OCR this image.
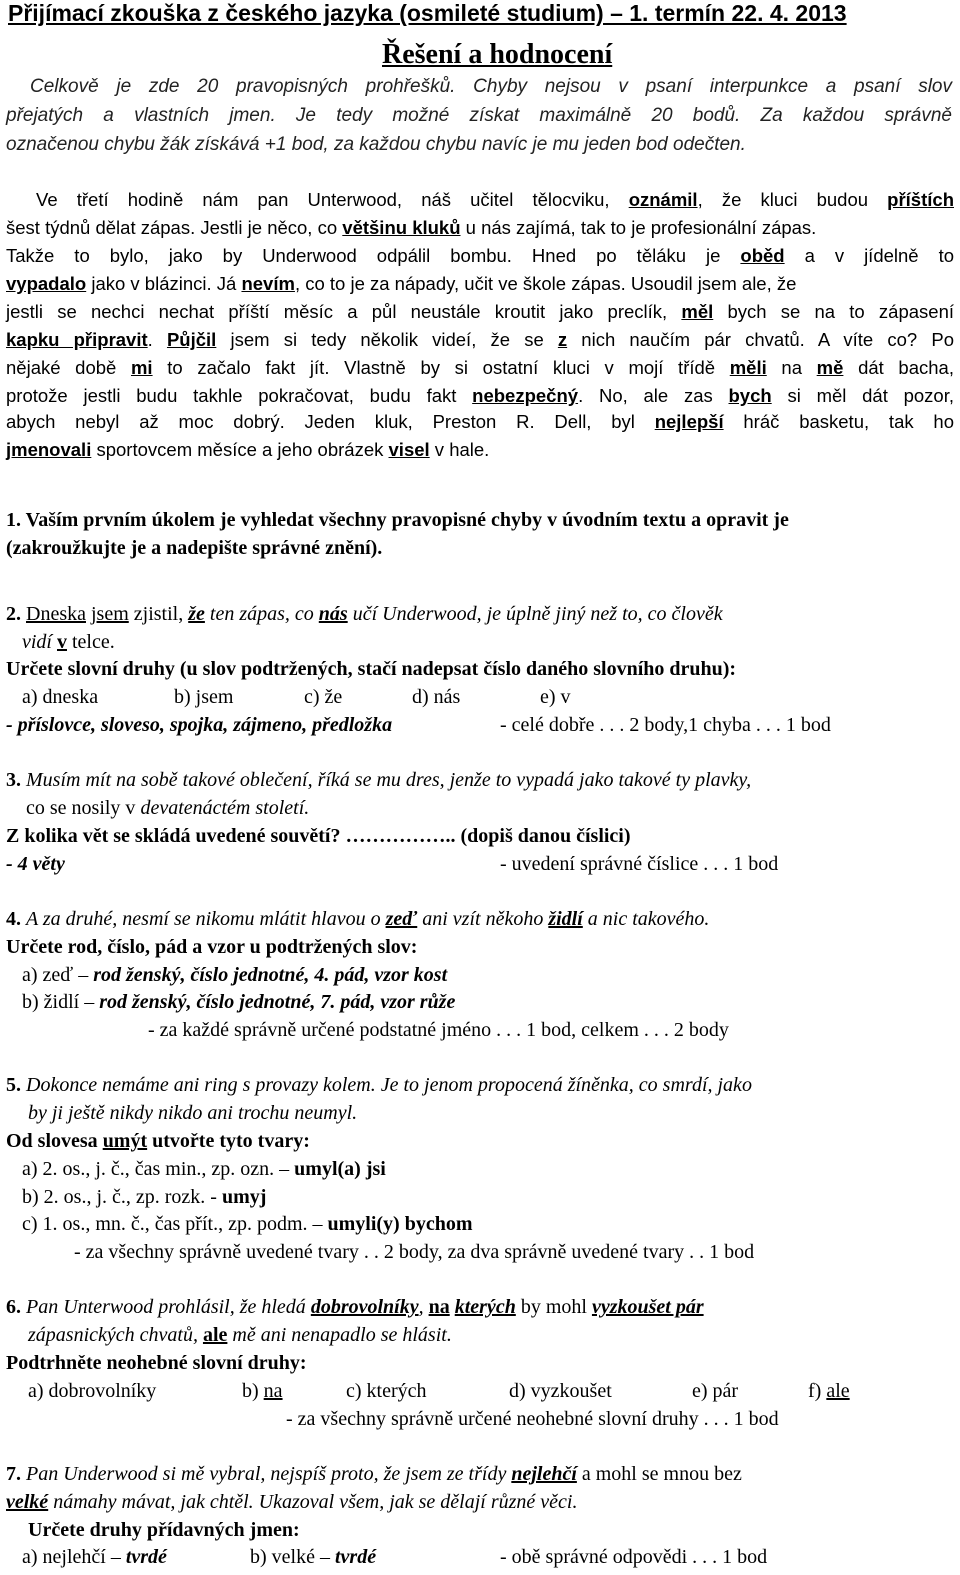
Přijímací zkouška z českého jazyka (osmileté studium) – 1. termín 22. 4. 2013
Řešení a hodnocení
Celkově je zde 20 pravopisných prohřešků. Chyby nejsou v psaní interpunkce a psaní slov
přejatých a vlastních jmen. Je tedy možné získat maximálně 20 bodů. Za každou správně
označenou chybu žák získává +1 bod, za každou chybu navíc je mu jeden bod odečten.
Ve třetí hodině nám pan Unterwood, náš učitel tělocviku, oznámil, že kluci budou příštích
šest týdnů dělat zápas. Jestli je něco, co většinu kluků u nás zajímá, tak to je profesionální zápas.
Takže to bylo, jako by Underwood odpálil bombu. Hned po těláku je oběd a v jídelně to
vypadalo jako v blázinci. Já nevím, co to je za nápady, učit ve škole zápas. Usoudil jsem ale, že
jestli se nechci nechat příští měsíc a půl neustále kroutit jako preclík, měl bych se na to zápasení
kapku připravit. Půjčil jsem si tedy několik videí, že se z nich naučím pár chvatů. A víte co? Po
nějaké době mi to začalo fakt jít. Vlastně by si ostatní kluci v mojí třídě měli na mě dát bacha,
protože jestli budu takhle pokračovat, budu fakt nebezpečný. No, ale zas bych si měl dát pozor,
abych nebyl až moc dobrý. Jeden kluk, Preston R. Dell, byl nejlepší hráč basketu, tak ho
jmenovali sportovcem měsíce a jeho obrázek visel v hale.
1. Vaším prvním úkolem je vyhledat všechny pravopisné chyby v úvodním textu a opravit je
(zakroužkujte je a nadepište správné znění).
2. Dneska jsem zjistil, že ten zápas, co nás učí Underwood, je úplně jiný než to, co člověk
vidí v telce.
Určete slovní druhy (u slov podtržených, stačí nadepsat číslo daného slovního druhu):
a) dneska	b) jsem	c) že	d) nás	e) v
- příslovce, sloveso, spojka, zájmeno, předložka	- celé dobře . . . 2 body,1 chyba . . . 1 bod
3. Musím mít na sobě takové oblečení, říká se mu dres, jenže to vypadá jako takové ty plavky,
co se nosily v devatenáctém století.
Z kolika vět se skládá uvedené souvětí? …………….. (dopiš danou číslici)
- 4 věty	- uvedení správné číslice . . . 1 bod
4. A za druhé, nesmí se nikomu mlátit hlavou o zeď ani vzít někoho židlí a nic takového.
Určete rod, číslo, pád a vzor u podtržených slov:
a) zeď – rod ženský, číslo jednotné, 4. pád, vzor kost
b) židlí – rod ženský, číslo jednotné, 7. pád, vzor růže
- za každé správně určené podstatné jméno . . . 1 bod, celkem . . . 2 body
5. Dokonce nemáme ani ring s provazy kolem. Je to jenom propocená žíněnka, co smrdí, jako
by ji ještě nikdy nikdo ani trochu neumyl.
Od slovesa umýt utvořte tyto tvary:
a) 2. os., j. č., čas min., zp. ozn. – umyl(a) jsi
b) 2. os., j. č., zp. rozk. - umyj
c) 1. os., mn. č., čas přít., zp. podm. – umyli(y) bychom
- za všechny správně uvedené tvary . . 2 body, za dva správně uvedené tvary . . 1 bod
6. Pan Unterwood prohlásil, že hledá dobrovolníky, na kterých by mohl vyzkoušet pár
zápasnických chvatů, ale mě ani nenapadlo se hlásit.
Podtrhněte neohebné slovní druhy:
a) dobrovolníky	b) na	c) kterých	d) vyzkoušet	e) pár	f) ale
- za všechny správně určené neohebné slovní druhy . . . 1 bod
7. Pan Underwood si mě vybral, nejspíš proto, že jsem ze třídy nejlehčí a mohl se mnou bez
velké námahy mávat, jak chtěl. Ukazoval všem, jak se dělají různé věci.
Určete druhy přídavných jmen:
a) nejlehčí – tvrdé	b) velké – tvrdé	- obě správné odpovědi . . . 1 bod
